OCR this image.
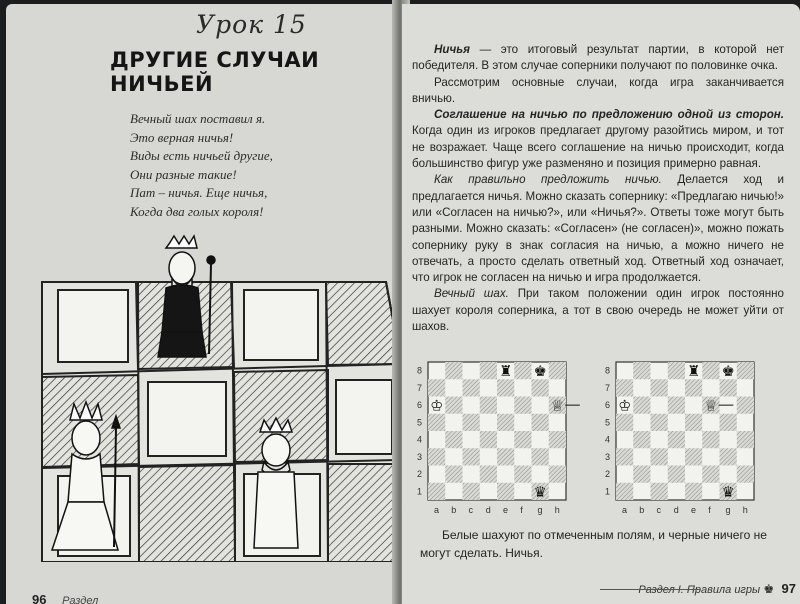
Урок 15
ДРУГИЕ СЛУЧАИ НИЧЬЕЙ
Вечный шах поставил я.
Это верная ничья!
Виды есть ничьей другие,
Они разные такие!
Пат – ничья. Еще ничья,
Когда два голых короля!
96 Раздел

Ничья — это итоговый результат партии, в которой нет победителя. В этом случае соперники получают по половинке очка.

Рассмотрим основные случаи, когда игра заканчивается вничью.

Соглашение на ничью по предложению одной из сторон. Когда один из игроков предлагает другому разойтись миром, и тот не возражает. Чаще всего соглашение на ничью происходит, когда большинство фигур уже разменяно и позиция примерно равная.

Как правильно предложить ничью. Делается ход и предлагается ничья. Можно сказать сопернику: «Предлагаю ничью!» или «Согласен на ничью?», или «Ничья?». Ответы тоже могут быть разными. Можно сказать: «Согласен» (не согласен)», можно пожать сопернику руку в знак согласия на ничью, а можно ничего не отвечать, а просто сделать ответный ход. Ответный ход означает, что игрок не согласен на ничью и игра продолжается.

Вечный шах. При таком положении один игрок постоянно шахует короля соперника, а тот в свою очередь не может уйти от шахов.

8
7
6
5
4
3
2
1
a b c d e f g h
♜ ♚
♔	♕
♛
8
7
6
5
4
3
2
1
a b c d e f g h
♜ ♚
♔	♕
♛

Белые шахуют по отмеченным полям, и черные ничего не могут сделать. Ничья.

Раздел I. Правила игры ♚ 97
